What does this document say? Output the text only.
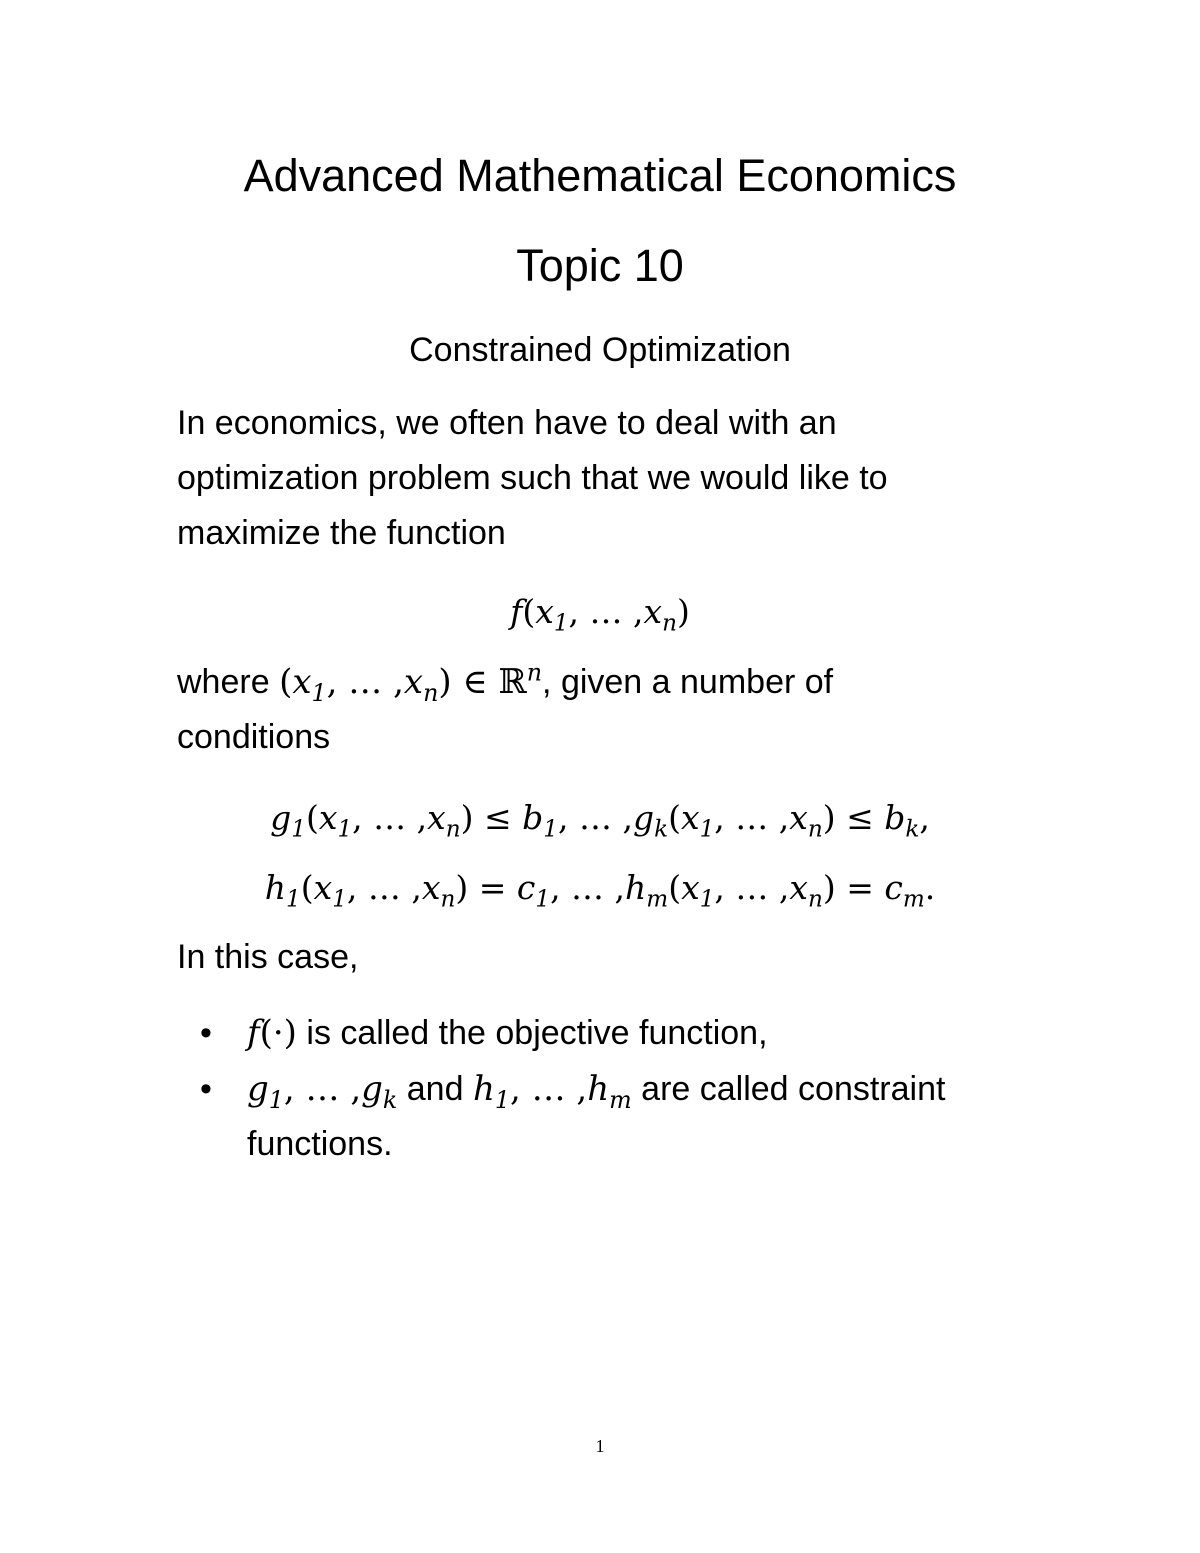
Advanced Mathematical Economics
Topic 10
Constrained Optimization
In economics, we often have to deal with an
optimization problem such that we would like to
maximize the function
$f(x_1$, … $,x_n$)
where ($x_1$, … $,x_n$) ∈ ℝ$^n$, given a number of
conditions
$g_1(x_1$, … $,x_n) \le b_1$, … $,g_k(x_1$, … $,x_n) \le b_k$,
$h_1(x_1$, … $,x_n) = c_1$, … $,h_m(x_1$, … $,x_n) = c_m$.
In this case,
•	f(·) is called the objective function,
•	$g_1$, … $,g_k$ and $h_1$, … $,h_m$ are called constraint
functions.
1
